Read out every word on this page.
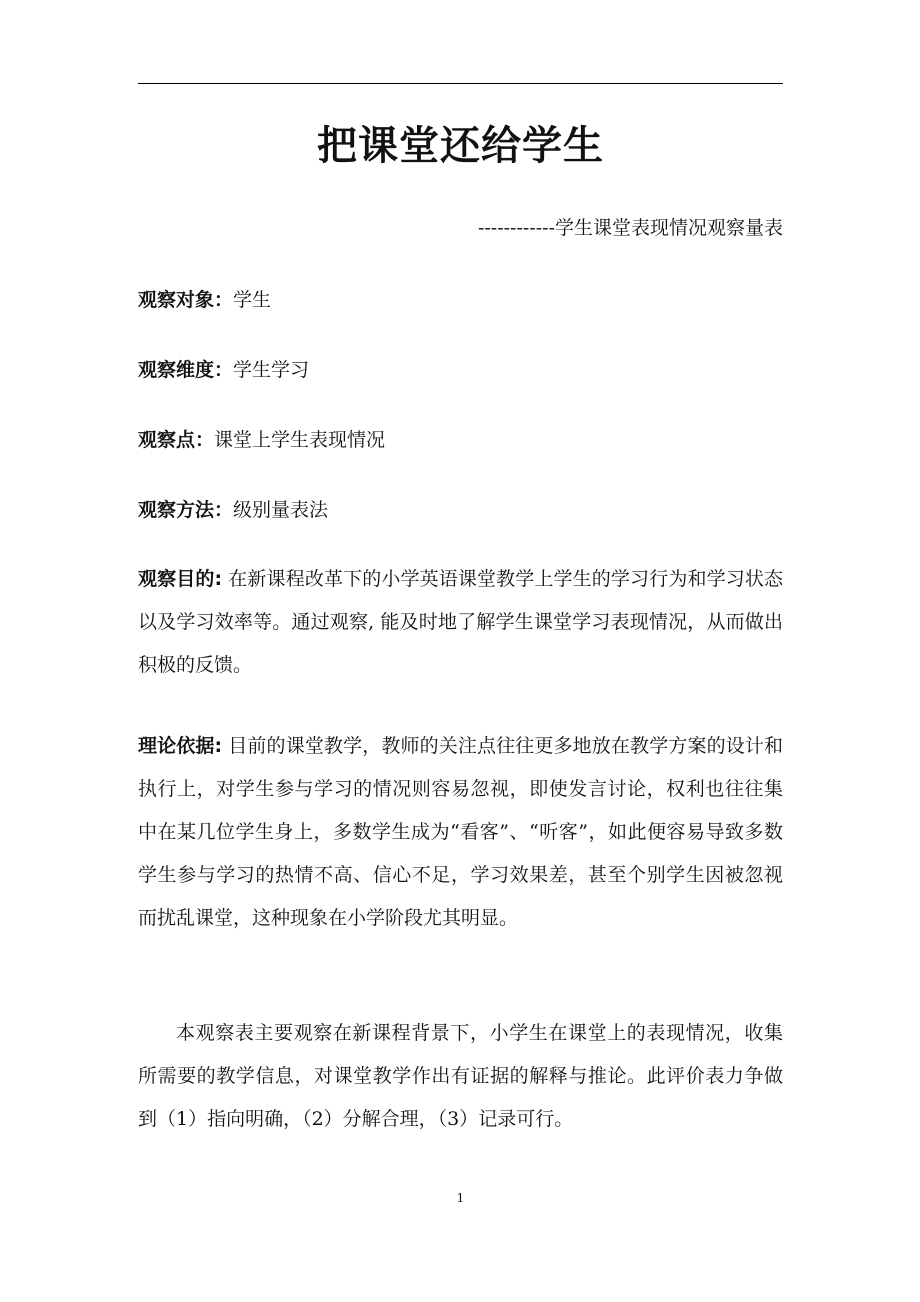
把课堂还给学生
------------学生课堂表现情况观察量表
观察对象：学生
观察维度：学生学习
观察点：课堂上学生表现情况
观察方法：级别量表法
观察目的: 在新课程改革下的小学英语课堂教学上学生的学习行为和学习状态以及学习效率等。通过观察, 能及时地了解学生课堂学习表现情况，从而做出积极的反馈。
理论依据: 目前的课堂教学，教师的关注点往往更多地放在教学方案的设计和执行上，对学生参与学习的情况则容易忽视，即使发言讨论，权利也往往集中在某几位学生身上，多数学生成为“看客”、“听客”，如此便容易导致多数学生参与学习的热情不高、信心不足，学习效果差，甚至个别学生因被忽视而扰乱课堂，这种现象在小学阶段尤其明显。
本观察表主要观察在新课程背景下，小学生在课堂上的表现情况，收集所需要的教学信息，对课堂教学作出有证据的解释与推论。此评价表力争做到（1）指向明确，（2）分解合理，（3）记录可行。
1
